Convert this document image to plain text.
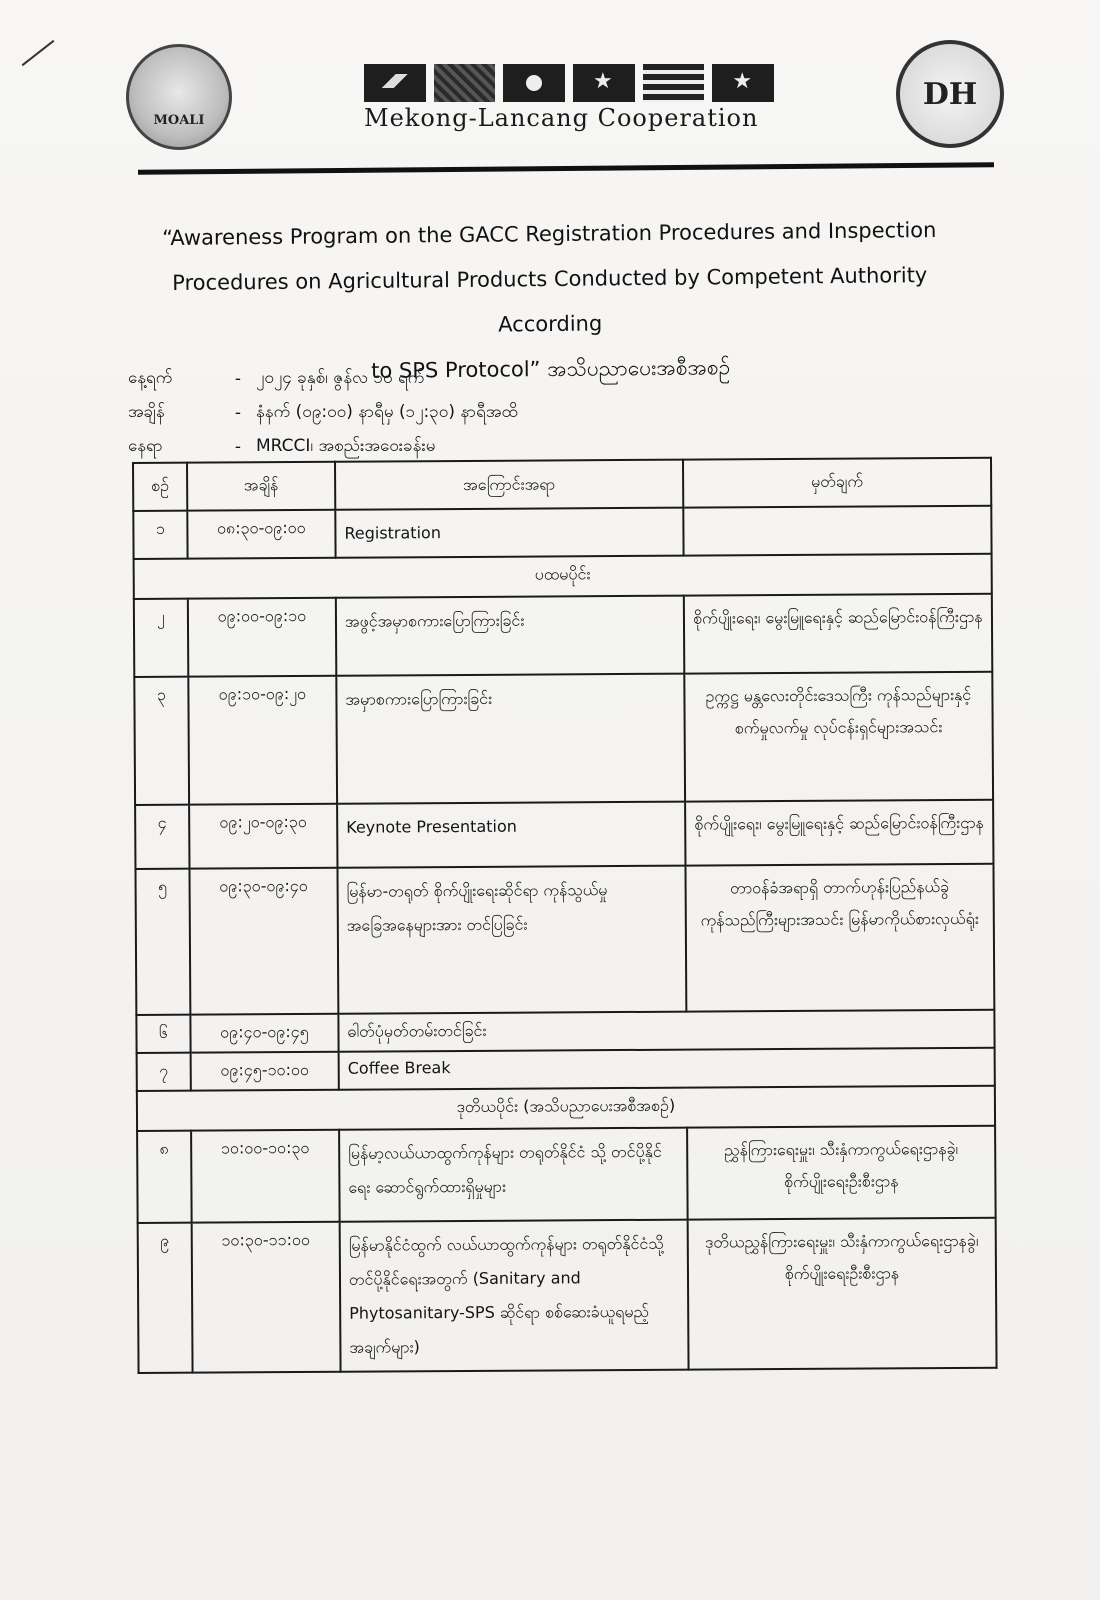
MOALI
★
★	Mekong-Lancang Cooperation
DH
“Awareness Program on the GACC Registration Procedures and Inspection
Procedures on Agricultural Products Conducted by Competent Authority According
to SPS Protocol” အသိပညာပေးအစီအစဉ်
နေ့ရက်	- ၂၀၂၄ ခုနှစ်၊ ဇွန်လ ၁၀ ရက်
အချိန်	- နံနက် (၀၉:၀၀) နာရီမှ (၁၂:၃၀) နာရီအထိ
နေရာ	- MRCCI၊ အစည်းအဝေးခန်းမ
စဉ်	အချိန်	အကြောင်းအရာ	မှတ်ချက်
၁	၀၈:၃၀-၀၉:၀၀	Registration	
ပထမပိုင်း			
၂	၀၉:၀၀-၀၉:၁၀	အဖွင့်အမှာစကားပြောကြားခြင်း	စိုက်ပျိုးရေး၊ မွေးမြူရေးနှင့် ဆည်မြောင်းဝန်ကြီးဌာန
၃	၀၉:၁၀-၀၉:၂၀	အမှာစကားပြောကြားခြင်း	ဥက္ကဋ္ဌ မန္တလေးတိုင်းဒေသကြီး ကုန်သည်များနှင့် စက်မှုလက်မှု လုပ်ငန်းရှင်များအသင်း
၄	၀၉:၂၀-၀၉:၃၀	Keynote Presentation	စိုက်ပျိုးရေး၊ မွေးမြူရေးနှင့် ဆည်မြောင်းဝန်ကြီးဌာန
၅	၀၉:၃၀-၀၉:၄၀	မြန်မာ-တရုတ် စိုက်ပျိုးရေးဆိုင်ရာ ကုန်သွယ်မှု အခြေအနေများအား တင်ပြခြင်း	တာဝန်ခံအရာရှိ တာက်ဟုန်းပြည်နယ်ခွဲ ကုန်သည်ကြီးများအသင်း မြန်မာကိုယ်စားလှယ်ရုံး
၆	၀၉:၄၀-၀၉:၄၅	ဓါတ်ပုံမှတ်တမ်းတင်ခြင်း	
၇	၀၉:၄၅-၁၀:၀၀	Coffee Break	
ဒုတိယပိုင်း (အသိပညာပေးအစီအစဉ်)			
၈	၁၀:၀၀-၁၀:၃၀	မြန်မာ့လယ်ယာထွက်ကုန်များ တရုတ်နိုင်ငံ သို့ တင်ပို့နိုင်ရေး ဆောင်ရွက်ထားရှိမှုများ	ညွှန်ကြားရေးမှူး၊ သီးနှံကာကွယ်ရေးဌာနခွဲ၊ စိုက်ပျိုးရေးဦးစီးဌာန
၉	၁၀:၃၀-၁၁:၀၀	မြန်မာနိုင်ငံထွက် လယ်ယာထွက်ကုန်များ တရုတ်နိုင်ငံသို့ တင်ပို့နိုင်ရေးအတွက် (Sanitary and Phytosanitary-SPS ဆိုင်ရာ စစ်ဆေးခံယူရမည့် အချက်များ)	ဒုတိယညွှန်ကြားရေးမှူး၊ သီးနှံကာကွယ်ရေးဌာနခွဲ၊ စိုက်ပျိုးရေးဦးစီးဌာန
